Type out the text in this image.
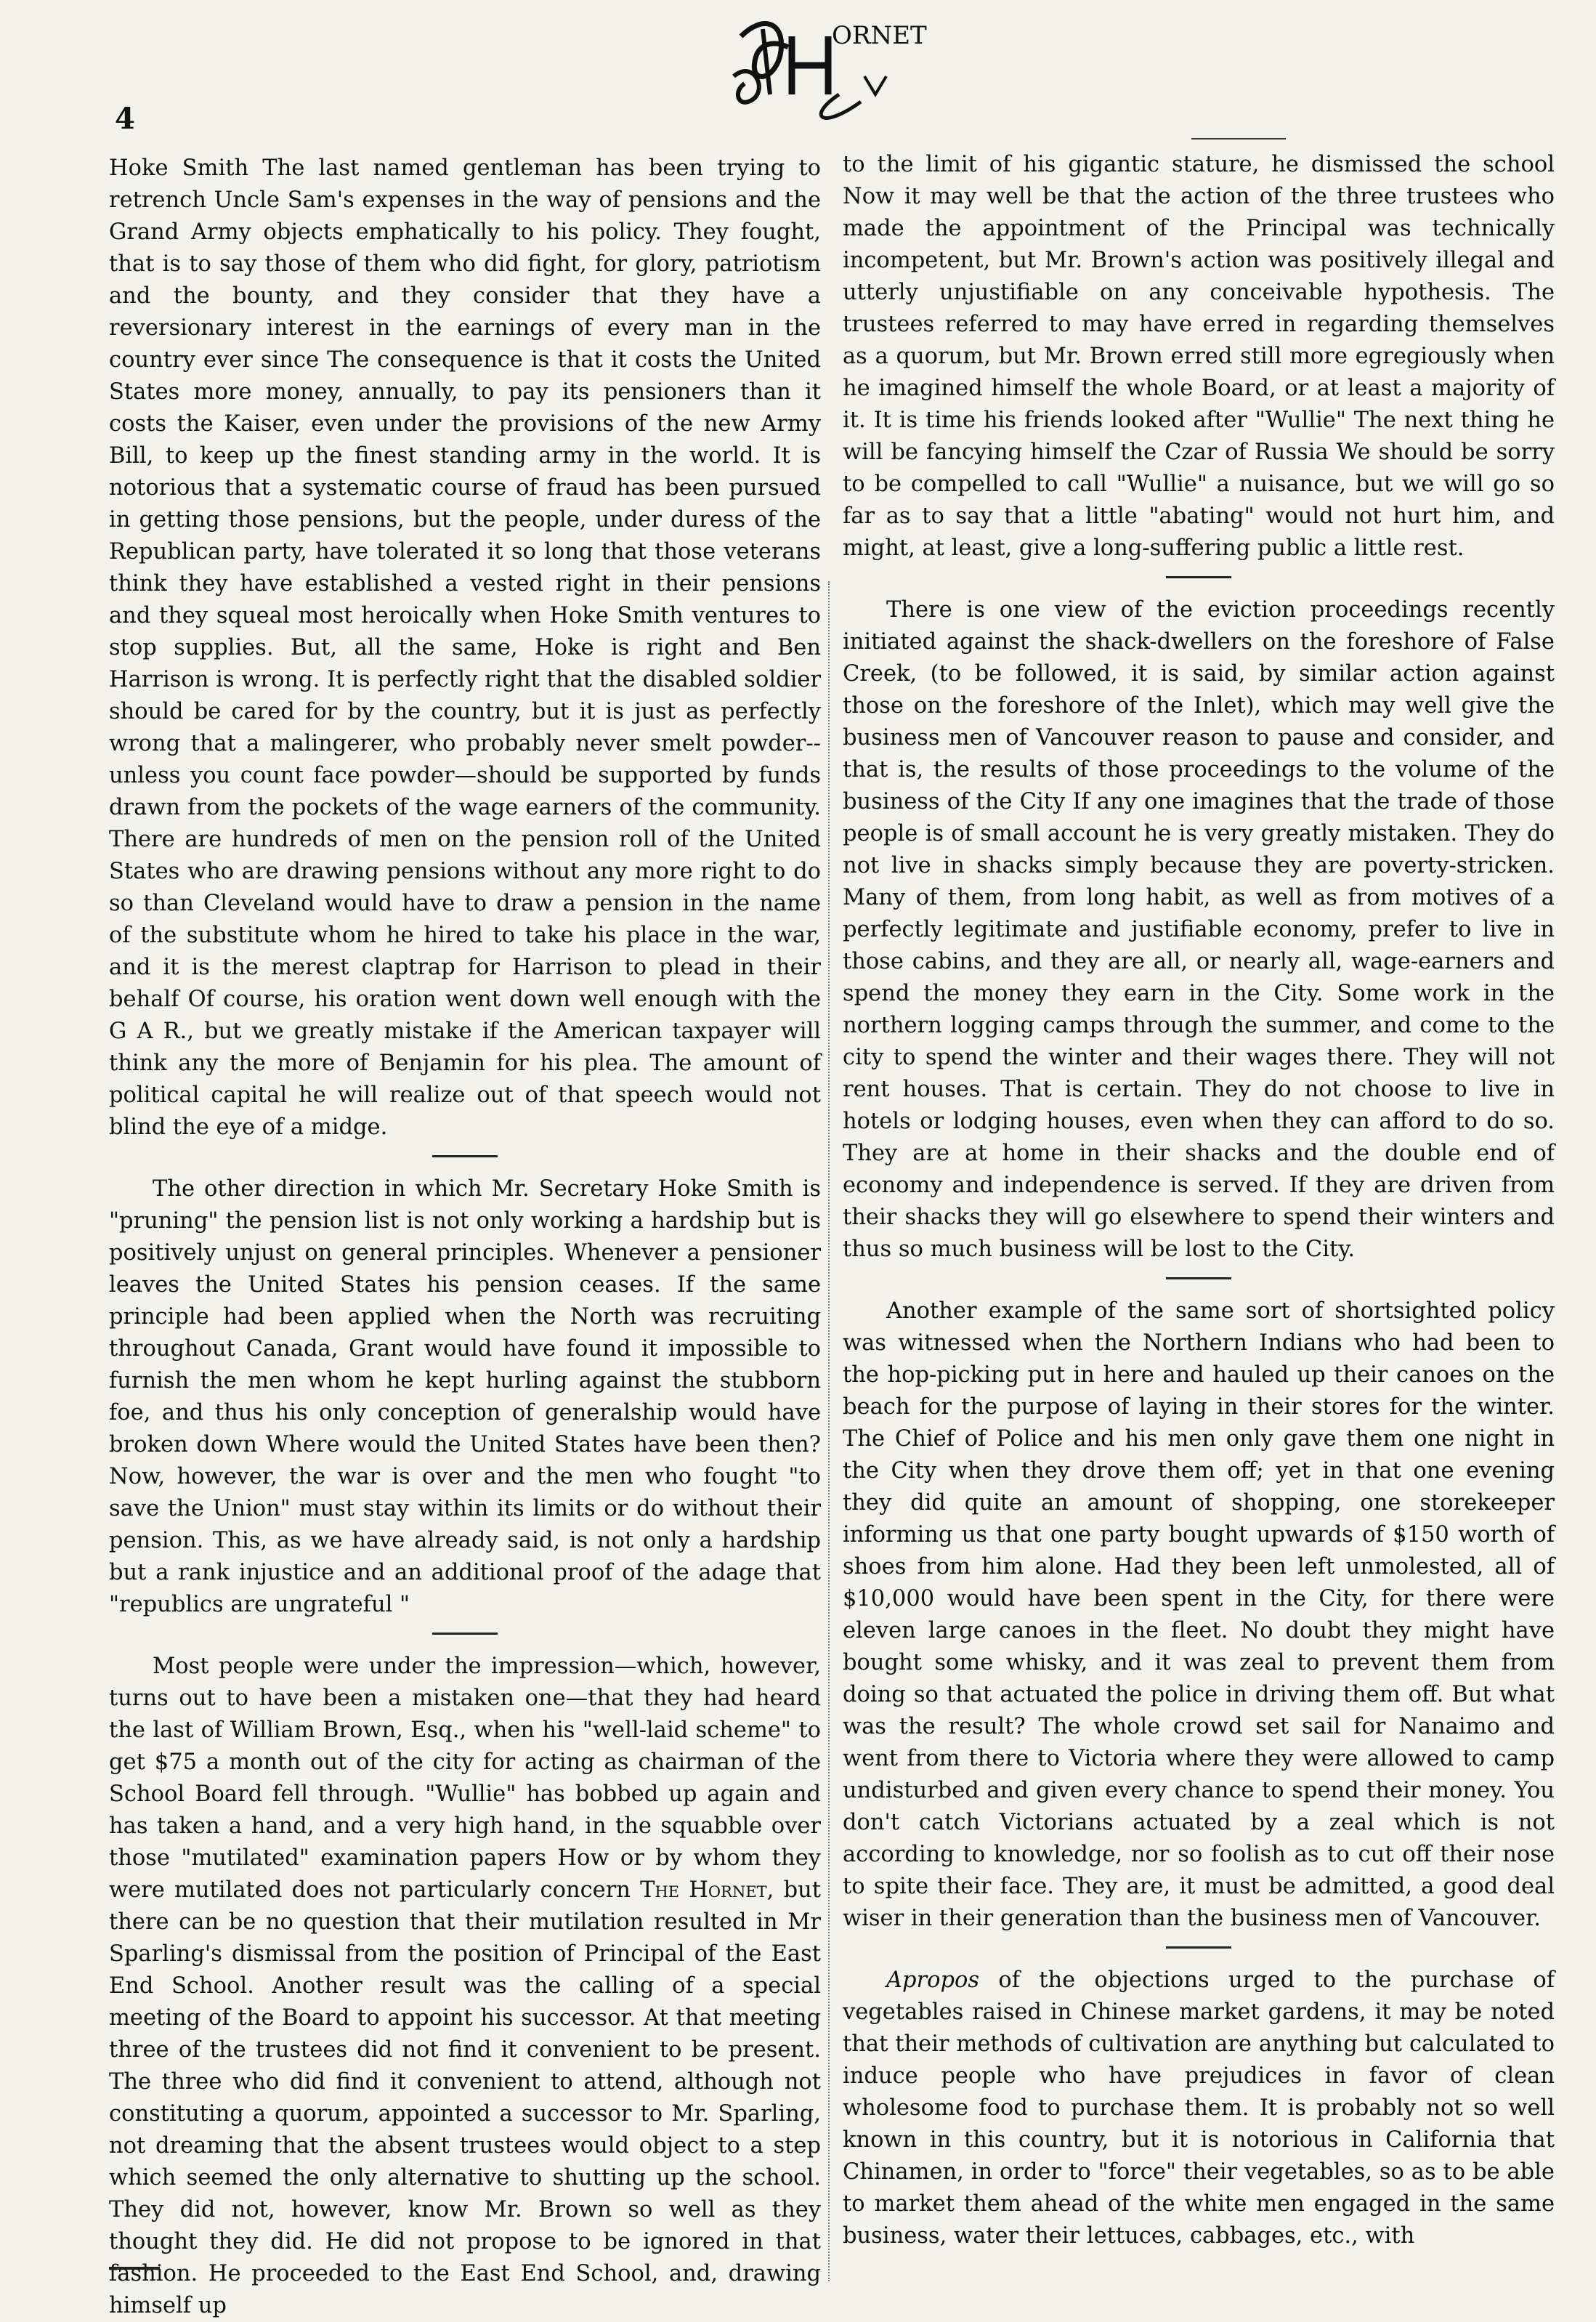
ORNET
4

Hoke Smith The last named gentleman has been trying to retrench Uncle Sam's expenses in the way of pensions and the Grand Army objects emphatically to his policy. They fought, that is to say those of them who did fight, for glory, patriotism and the bounty, and they consider that they have a reversionary interest in the earnings of every man in the country ever since The consequence is that it costs the United States more money, annually, to pay its pensioners than it costs the Kaiser, even under the provisions of the new Army Bill, to keep up the finest standing army in the world. It is notorious that a systematic course of fraud has been pursued in getting those pensions, but the people, under duress of the Republican party, have tolerated it so long that those veterans think they have established a vested right in their pensions and they squeal most heroically when Hoke Smith ventures to stop supplies. But, all the same, Hoke is right and Ben Harrison is wrong. It is perfectly right that the disabled soldier should be cared for by the country, but it is just as perfectly wrong that a malingerer, who probably never smelt powder--unless you count face powder—should be supported by funds drawn from the pockets of the wage earners of the community. There are hundreds of men on the pension roll of the United States who are drawing pensions without any more right to do so than Cleveland would have to draw a pension in the name of the substitute whom he hired to take his place in the war, and it is the merest claptrap for Harrison to plead in their behalf Of course, his oration went down well enough with the G A R., but we greatly mistake if the American taxpayer will think any the more of Benjamin for his plea. The amount of political capital he will realize out of that speech would not blind the eye of a midge.

The other direction in which Mr. Secretary Hoke Smith is "pruning" the pension list is not only working a hardship but is positively unjust on general principles. Whenever a pensioner leaves the United States his pension ceases. If the same principle had been applied when the North was recruiting throughout Canada, Grant would have found it impossible to furnish the men whom he kept hurling against the stubborn foe, and thus his only conception of generalship would have broken down Where would the United States have been then? Now, however, the war is over and the men who fought "to save the Union" must stay within its limits or do without their pension. This, as we have already said, is not only a hardship but a rank injustice and an additional proof of the adage that "republics are ungrateful "

Most people were under the impression—which, however, turns out to have been a mistaken one—that they had heard the last of William Brown, Esq., when his "well-laid scheme" to get $75 a month out of the city for acting as chairman of the School Board fell through. "Wullie" has bobbed up again and has taken a hand, and a very high hand, in the squabble over those "mutilated" examination papers How or by whom they were mutilated does not particularly concern The Hornet, but there can be no question that their mutilation resulted in Mr Sparling's dismissal from the position of Principal of the East End School. Another result was the calling of a special meeting of the Board to appoint his successor. At that meeting three of the trustees did not find it convenient to be present. The three who did find it convenient to attend, although not constituting a quorum, appointed a successor to Mr. Sparling, not dreaming that the absent trustees would object to a step which seemed the only alternative to shutting up the school. They did not, however, know Mr. Brown so well as they thought they did. He did not propose to be ignored in that fashion. He proceeded to the East End School, and, drawing himself up

to the limit of his gigantic stature, he dismissed the school Now it may well be that the action of the three trustees who made the appointment of the Principal was technically incompetent, but Mr. Brown's action was positively illegal and utterly unjustifiable on any conceivable hypothesis. The trustees referred to may have erred in regarding themselves as a quorum, but Mr. Brown erred still more egregiously when he imagined himself the whole Board, or at least a majority of it. It is time his friends looked after "Wullie" The next thing he will be fancying himself the Czar of Russia We should be sorry to be compelled to call "Wullie" a nuisance, but we will go so far as to say that a little "abating" would not hurt him, and might, at least, give a long-suffering public a little rest.

There is one view of the eviction proceedings recently initiated against the shack-dwellers on the foreshore of False Creek, (to be followed, it is said, by similar action against those on the foreshore of the Inlet), which may well give the business men of Vancouver reason to pause and consider, and that is, the results of those proceedings to the volume of the business of the City If any one imagines that the trade of those people is of small account he is very greatly mistaken. They do not live in shacks simply because they are poverty-stricken. Many of them, from long habit, as well as from motives of a perfectly legitimate and justifiable economy, prefer to live in those cabins, and they are all, or nearly all, wage-earners and spend the money they earn in the City. Some work in the northern logging camps through the summer, and come to the city to spend the winter and their wages there. They will not rent houses. That is certain. They do not choose to live in hotels or lodging houses, even when they can afford to do so. They are at home in their shacks and the double end of economy and independence is served. If they are driven from their shacks they will go elsewhere to spend their winters and thus so much business will be lost to the City.

Another example of the same sort of shortsighted policy was witnessed when the Northern Indians who had been to the hop-picking put in here and hauled up their canoes on the beach for the purpose of laying in their stores for the winter. The Chief of Police and his men only gave them one night in the City when they drove them off; yet in that one evening they did quite an amount of shopping, one storekeeper informing us that one party bought upwards of $150 worth of shoes from him alone. Had they been left unmolested, all of $10,000 would have been spent in the City, for there were eleven large canoes in the fleet. No doubt they might have bought some whisky, and it was zeal to prevent them from doing so that actuated the police in driving them off. But what was the result? The whole crowd set sail for Nanaimo and went from there to Victoria where they were allowed to camp undisturbed and given every chance to spend their money. You don't catch Victorians actuated by a zeal which is not according to knowledge, nor so foolish as to cut off their nose to spite their face. They are, it must be admitted, a good deal wiser in their generation than the business men of Vancouver.

Apropos of the objections urged to the purchase of vegetables raised in Chinese market gardens, it may be noted that their methods of cultivation are anything but calculated to induce people who have prejudices in favor of clean wholesome food to purchase them. It is probably not so well known in this country, but it is notorious in California that Chinamen, in order to "force" their vegetables, so as to be able to market them ahead of the white men engaged in the same business, water their lettuces, cabbages, etc., with
